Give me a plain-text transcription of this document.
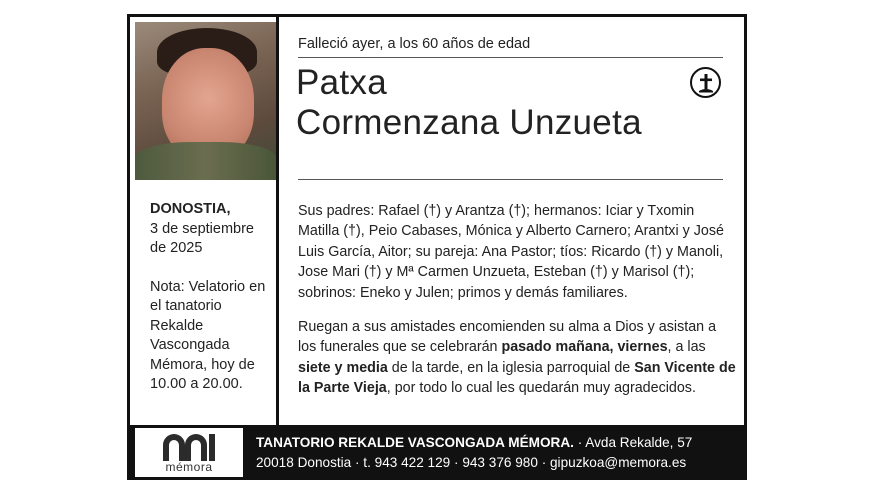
Falleció ayer, a los 60 años de edad
Patxa
Cormenzana Unzueta
DONOSTIA,
3 de septiembre de 2025
Nota: Velatorio en el tanatorio Rekalde Vascongada Mémora, hoy de 10.00 a 20.00.
Sus padres: Rafael (†) y Arantza (†); hermanos: Iciar y Txomin Matilla (†), Peio Cabases, Mónica y Alberto Carnero; Arantxi y José Luis García, Aitor; su pareja: Ana Pastor; tíos: Ricardo (†) y Manoli, Jose Mari (†) y Mª Carmen Unzueta, Esteban (†) y Marisol (†); sobrinos: Eneko y Julen; primos y demás familiares.
Ruegan a sus amistades encomienden su alma a Dios y asistan a los funerales que se celebrarán pasado mañana, viernes, a las siete y media de la tarde, en la iglesia parroquial de San Vicente de la Parte Vieja, por todo lo cual les quedarán muy agradecidos.
mémora
TANATORIO REKALDE VASCONGADA MÉMORA. · Avda Rekalde, 57
20018 Donostia · t. 943 422 129 · 943 376 980 · gipuzkoa@memora.es
